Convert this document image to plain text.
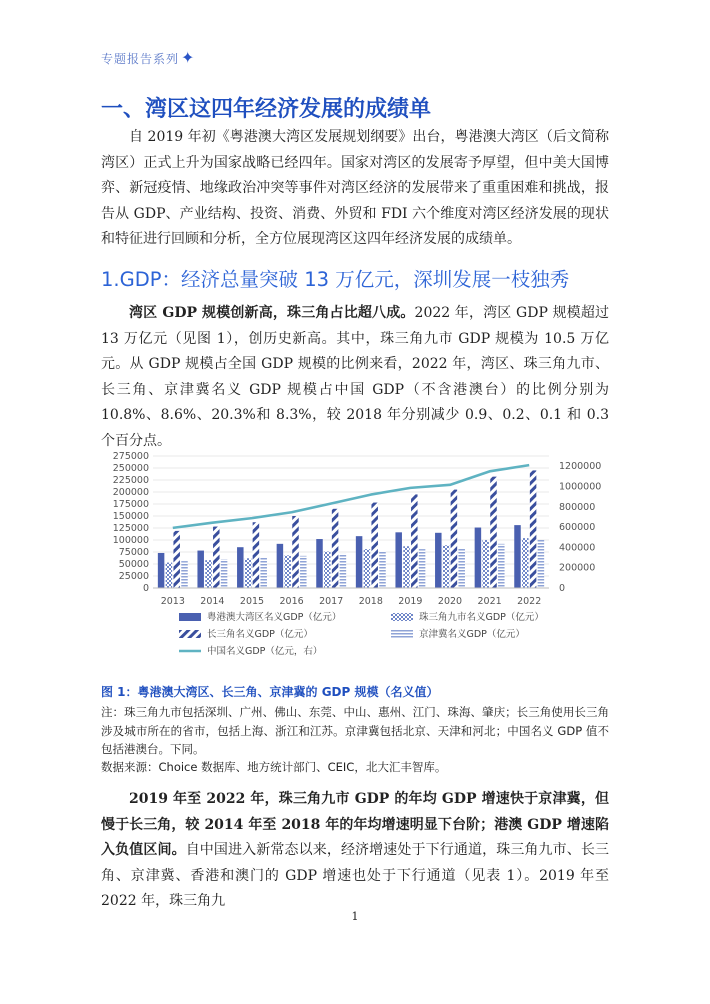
专题报告系列 ✦
一、湾区这四年经济发展的成绩单
自 2019 年初《粤港澳大湾区发展规划纲要》出台，粤港澳大湾区（后文简称湾区）正式上升为国家战略已经四年。国家对湾区的发展寄予厚望，但中美大国博弈、新冠疫情、地缘政治冲突等事件对湾区经济的发展带来了重重困难和挑战，报告从 GDP、产业结构、投资、消费、外贸和 FDI 六个维度对湾区经济发展的现状和特征进行回顾和分析，全方位展现湾区这四年经济发展的成绩单。
1.GDP：经济总量突破 13 万亿元，深圳发展一枝独秀
湾区 GDP 规模创新高，珠三角占比超八成。2022 年，湾区 GDP 规模超过 13 万亿元（见图 1），创历史新高。其中，珠三角九市 GDP 规模为 10.5 万亿元。从 GDP 规模占全国 GDP 规模的比例来看，2022 年，湾区、珠三角九市、长三角、京津冀名义 GDP 规模占中国 GDP（不含港澳台）的比例分别为 10.8%、8.6%、20.3%和 8.3%，较 2018 年分别减少 0.9、0.2、0.1 和 0.3 个百分点。
0
25000
50000
75000
100000
125000
150000
175000
200000
225000
250000
275000
0
200000
400000
600000
800000
1000000
1200000
2013 2014 2015 2016 2017 2018 2019 2020 2021 2022
粤港澳大湾区名义GDP（亿元）	珠三角九市名义GDP（亿元）
长三角名义GDP（亿元）	京津冀名义GDP（亿元）
中国名义GDP（亿元，右）
图 1：粤港澳大湾区、长三角、京津冀的 GDP 规模（名义值）
注：珠三角九市包括深圳、广州、佛山、东莞、中山、惠州、江门、珠海、肇庆；长三角使用长三角涉及城市所在的省市，包括上海、浙江和江苏。京津冀包括北京、天津和河北；中国名义 GDP 值不包括港澳台。下同。
数据来源：Choice 数据库、地方统计部门、CEIC，北大汇丰智库。
2019 年至 2022 年，珠三角九市 GDP 的年均 GDP 增速快于京津冀，但慢于长三角，较 2014 年至 2018 年的年均增速明显下台阶；港澳 GDP 增速陷入负值区间。自中国进入新常态以来，经济增速处于下行通道，珠三角九市、长三角、京津冀、香港和澳门的 GDP 增速也处于下行通道（见表 1）。2019 年至 2022 年，珠三角九
1
